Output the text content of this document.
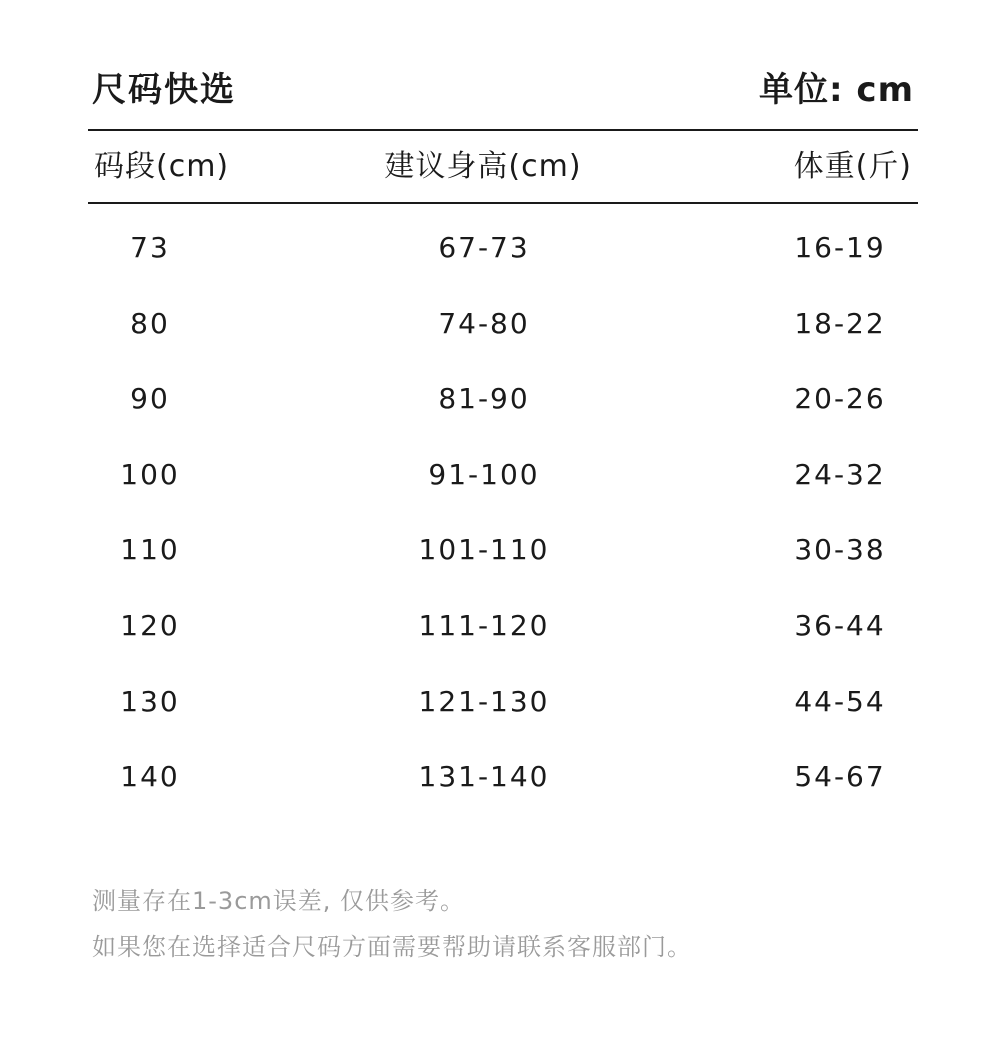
尺码快选	单位: cm
码段(cm)	建议身高(cm)	体重(斤)
73	67-73	16-19
80	74-80	18-22
90	81-90	20-26
100	91-100	24-32
110	101-110	30-38
120	111-120	36-44
130	121-130	44-54
140	131-140	54-67
测量存在1-3cm误差, 仅供参考。
如果您在选择适合尺码方面需要帮助请联系客服部门。
